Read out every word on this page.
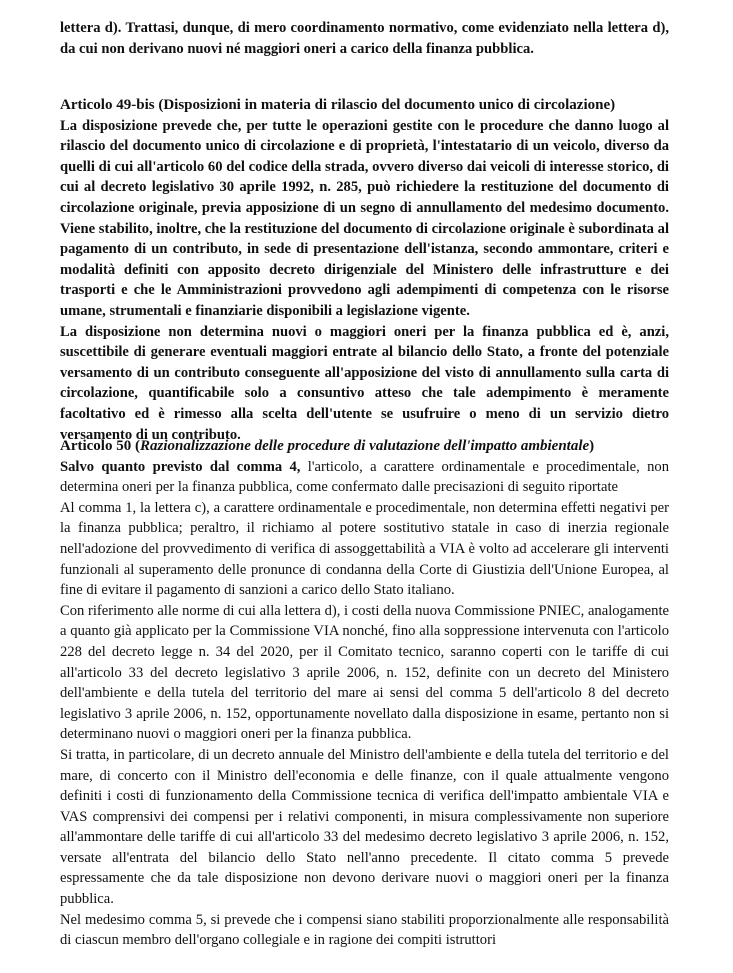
lettera d). Trattasi, dunque, di mero coordinamento normativo, come evidenziato nella lettera d), da cui non derivano nuovi né maggiori oneri a carico della finanza pubblica.

Articolo 49-bis (Disposizioni in materia di rilascio del documento unico di circolazione)

La disposizione prevede che, per tutte le operazioni gestite con le procedure che danno luogo al rilascio del documento unico di circolazione e di proprietà, l'intestatario di un veicolo, diverso da quelli di cui all'articolo 60 del codice della strada, ovvero diverso dai veicoli di interesse storico, di cui al decreto legislativo 30 aprile 1992, n. 285, può richiedere la restituzione del documento di circolazione originale, previa apposizione di un segno di annullamento del medesimo documento. Viene stabilito, inoltre, che la restituzione del documento di circolazione originale è subordinata al pagamento di un contributo, in sede di presentazione dell'istanza, secondo ammontare, criteri e modalità definiti con apposito decreto dirigenziale del Ministero delle infrastrutture e dei trasporti e che le Amministrazioni provvedono agli adempimenti di competenza con le risorse umane, strumentali e finanziarie disponibili a legislazione vigente.

La disposizione non determina nuovi o maggiori oneri per la finanza pubblica ed è, anzi, suscettibile di generare eventuali maggiori entrate al bilancio dello Stato, a fronte del potenziale versamento di un contributo conseguente all'apposizione del visto di annullamento sulla carta di circolazione, quantificabile solo a consuntivo atteso che tale adempimento è meramente facoltativo ed è rimesso alla scelta dell'utente se usufruire o meno di un servizio dietro versamento di un contributo.

Articolo 50 (Razionalizzazione delle procedure di valutazione dell'impatto ambientale)

Salvo quanto previsto dal comma 4, l'articolo, a carattere ordinamentale e procedimentale, non determina oneri per la finanza pubblica, come confermato dalle precisazioni di seguito riportate

Al comma 1, la lettera c), a carattere ordinamentale e procedimentale, non determina effetti negativi per la finanza pubblica; peraltro, il richiamo al potere sostitutivo statale in caso di inerzia regionale nell'adozione del provvedimento di verifica di assoggettabilità a VIA è volto ad accelerare gli interventi funzionali al superamento delle pronunce di condanna della Corte di Giustizia dell'Unione Europea, al fine di evitare il pagamento di sanzioni a carico dello Stato italiano.

Con riferimento alle norme di cui alla lettera d), i costi della nuova Commissione PNIEC, analogamente a quanto già applicato per la Commissione VIA nonché, fino alla soppressione intervenuta con l'articolo 228 del decreto legge n. 34 del 2020, per il Comitato tecnico, saranno coperti con le tariffe di cui all'articolo 33 del decreto legislativo 3 aprile 2006, n. 152, definite con un decreto del Ministero dell'ambiente e della tutela del territorio del mare ai sensi del comma 5 dell'articolo 8 del decreto legislativo 3 aprile 2006, n. 152, opportunamente novellato dalla disposizione in esame, pertanto non si determinano nuovi o maggiori oneri per la finanza pubblica.

Si tratta, in particolare, di un decreto annuale del Ministro dell'ambiente e della tutela del territorio e del mare, di concerto con il Ministro dell'economia e delle finanze, con il quale attualmente vengono definiti i costi di funzionamento della Commissione tecnica di verifica dell'impatto ambientale VIA e VAS comprensivi dei compensi per i relativi componenti, in misura complessivamente non superiore all'ammontare delle tariffe di cui all'articolo 33 del medesimo decreto legislativo 3 aprile 2006, n. 152, versate all'entrata del bilancio dello Stato nell'anno precedente. Il citato comma 5 prevede espressamente che da tale disposizione non devono derivare nuovi o maggiori oneri per la finanza pubblica.

Nel medesimo comma 5, si prevede che i compensi siano stabiliti proporzionalmente alle responsabilità di ciascun membro dell'organo collegiale e in ragione dei compiti istruttori
